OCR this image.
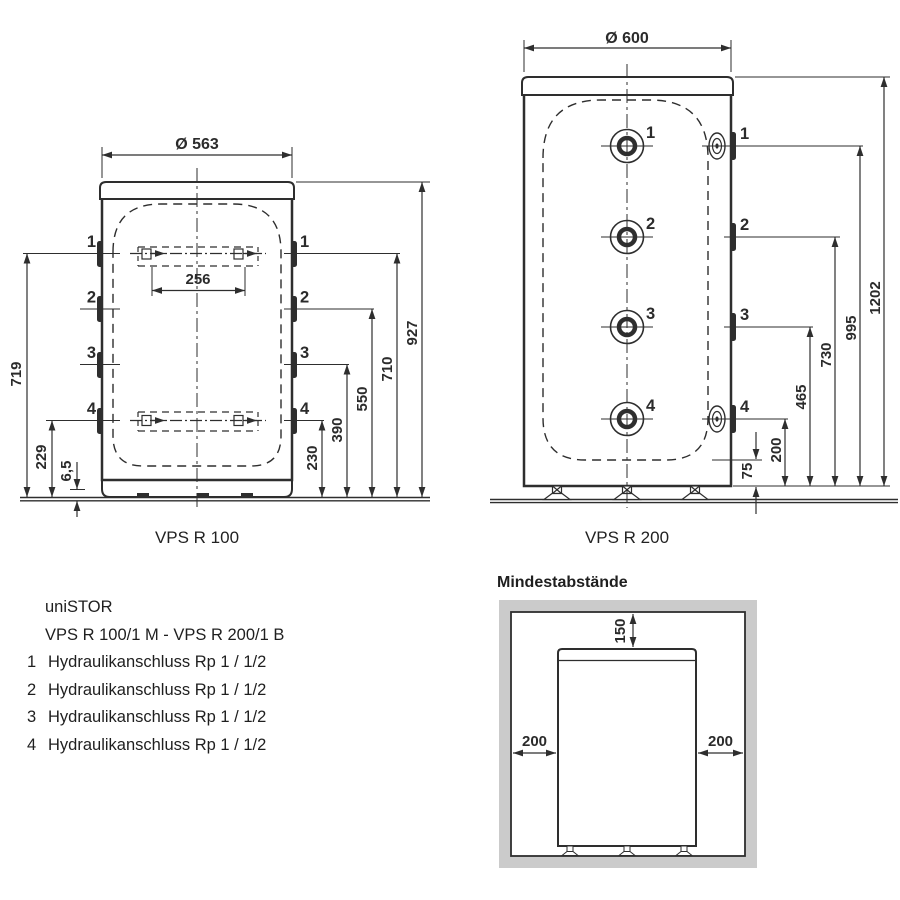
Ø 563
256
1
2
3
4
1
2
3
4
719
229
6,5
230
390
550
710
927
Ø 600
1
2
3
4
1
2
3
4
200
465
730
995
1202
75
VPS R 100	VPS R 200
uniSTOR
VPS R 100/1 M - VPS R 200/1 B
1 Hydraulikanschluss Rp 1 / 1/2
2 Hydraulikanschluss Rp 1 / 1/2
3 Hydraulikanschluss Rp 1 / 1/2
4 Hydraulikanschluss Rp 1 / 1/2
Mindestabstände
150
200	200
